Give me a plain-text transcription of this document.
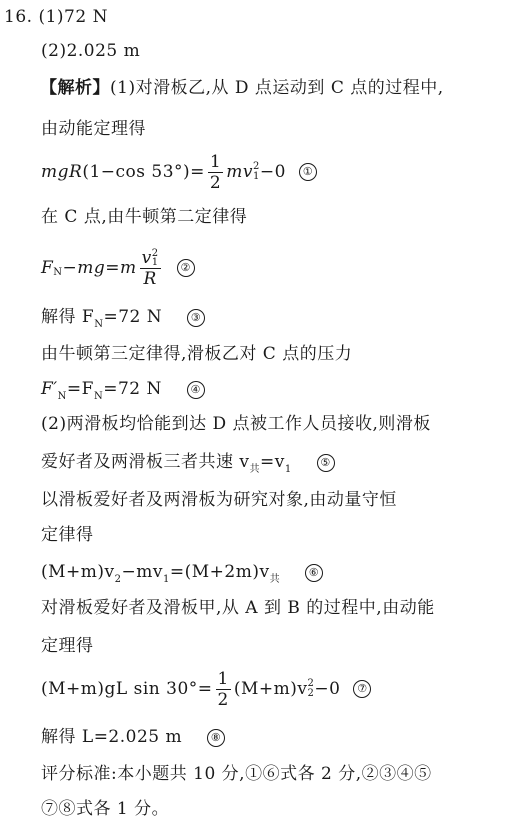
16. (1)72 N
(2)2.025 m
【解析】(1)对滑板乙,从 D 点运动到 C 点的过程中,
由动能定理得
mgR (1−cos $53^\circ)= \frac{1}{2}$ mv 2
1 −0	①
在 C 点,由牛顿第二定律得
F N −mg=m v 2
1
R	②
解得 $F_N=72$ N	③
由牛顿第三定律得,滑板乙对 C 点的压力
$F'_N=F_N=72$ N	④
(2)两滑板均恰能到达 D 点被工作人员接收,则滑板
爱好者及两滑板三者共速 $v_共=v_1$  ⑤
以滑板爱好者及两滑板为研究对象,由动量守恒
定律得
$(M+m)v_2-mv_1=(M+2m)v_共$  ⑥
对滑板爱好者及滑板甲,从 A 到 B 的过程中,由动能
定理得
(M+m)gL $\sin 30^\circ= \frac{1}{2} (M+m)v$ 2
2 −0	⑦
解得 L=2.025 m	⑧
评分标准:本小题共 10 分,①⑥式各 2 分,②③④⑤
⑦⑧式各 1 分。
